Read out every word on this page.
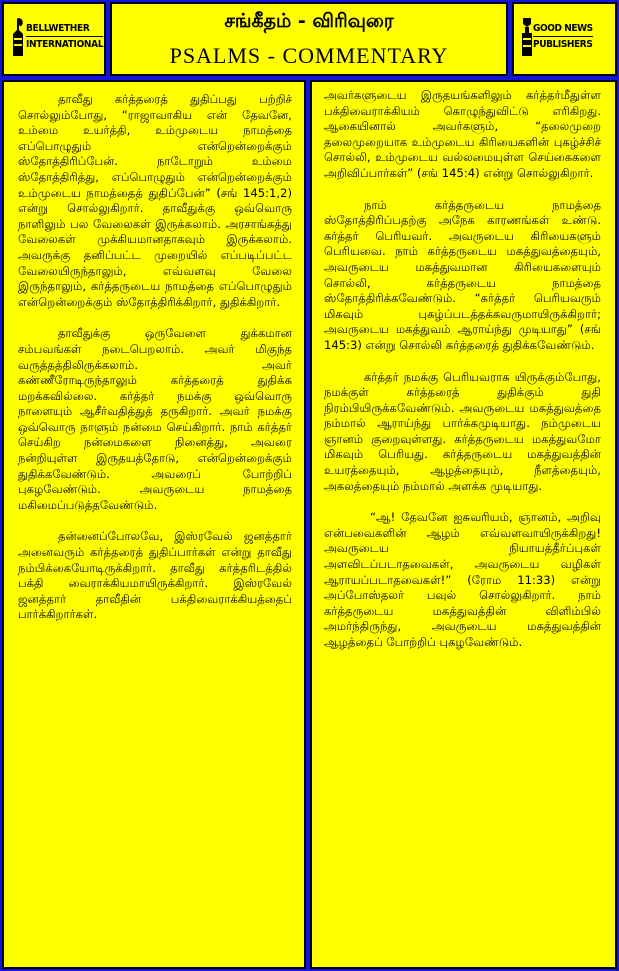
BELLWETHER
INTERNATIONAL
சங்கீதம் - விரிவுரை
PSALMS - COMMENTARY
GOOD NEWS
PUBLISHERS

தாவீது கர்த்தரைத் துதிப்பது பற்றிச் சொல்லும்போது, “ராஜாவாகிய என் தேவனே, உம்மை உயர்த்தி, உம்முடைய நாமத்தை எப்பொழுதும் என்றென்றைக்கும் ஸ்தோத்திரிப்பேன். நாடோறும் உம்மை ஸ்தோத்திரித்து, எப்பொழுதும் என்றென்றைக்கும் உம்முடைய நாமத்தைத் துதிப்பேன்” (சங் 145:1,2) என்று சொல்லுகிறார். தாவீதுக்கு ஒவ்வொரு நாளிலும் பல வேலைகள் இருக்கலாம். அரசாங்கத்து வேலைகள் முக்கியமானதாகவும் இருக்கலாம். அவருக்கு தனிப்பட்ட முறையில் எப்படிப்பட்ட வேலையிருந்தாலும், எவ்வளவு வேலை இருந்தாலும், கர்த்தருடைய நாமத்தை எப்பொழுதும் என்றென்றைக்கும் ஸ்தோத்திரிக்கிறார், துதிக்கிறார்.

தாவீதுக்கு ஒருவேளை துக்கமான சம்பவங்கள் நடைபெறலாம். அவர் மிகுந்த வருத்தத்திலிருக்கலாம். அவர் கண்ணீரோடிருந்தாலும் கர்த்தரைத் துதிக்க மறக்கவில்லை. கர்த்தர் நமக்கு ஒவ்வொரு நாளையும் ஆசீர்வதித்துத் தருகிறார். அவர் நமக்கு ஒவ்வொரு நாளும் நன்மை செய்கிறார். நாம் கர்த்தர் செய்கிற நன்மைகளை நினைத்து, அவரை நன்றியுள்ள இருதயத்தோடு, என்றென்றைக்கும் துதிக்கவேண்டும். அவரைப் போற்றிப் புகழவேண்டும். அவருடைய நாமத்தை மகிமைப்படுத்தவேண்டும்.

தன்னைப்போலவே, இஸ்ரவேல் ஜனத்தார் அனைவரும் கர்த்தரைத் துதிப்பார்கள் என்று தாவீது நம்பிக்கையோடிருக்கிறார். தாவீது கர்த்தரிடத்தில் பக்தி வைராக்கியமாயிருக்கிறார். இஸ்ரவேல் ஜனத்தார் தாவீதின் பக்திவைராக்கியத்தைப் பார்க்கிறார்கள்.

அவர்களுடைய இருதயங்களிலும் கர்த்தர்மீதுள்ள பக்திவைராக்கியம் கொழுந்துவிட்டு எரிகிறது. ஆகையினால் அவர்களும், “தலைமுறை தலைமுறையாக உம்முடைய கிரியைகளின் புகழ்ச்சிச் சொல்லி, உம்முடைய வல்லமையுள்ள செய்கைகளை அறிவிப்பார்கள்” (சங் 145:4) என்று சொல்லுகிறார்.

நாம் கர்த்தருடைய நாமத்தை ஸ்தோத்திரிப்பதற்கு அநேக காரணங்கள் உண்டு. கர்த்தர் பெரியவர். அவருடைய கிரியைகளும் பெரியவை. நாம் கர்த்தருடைய மகத்துவத்தையும், அவருடைய மகத்துவமான கிரியைகளையும் சொல்லி, கர்த்தருடைய நாமத்தை ஸ்தோத்திரிக்கவேண்டும். “கர்த்தர் பெரியவரும் மிகவும் புகழ்ப்படத்தக்கவருமாயிருக்கிறார்; அவருடைய மகத்துவம் ஆராய்ந்து முடியாது” (சங் 145:3) என்று சொல்லி கர்த்தரைத் துதிக்கவேண்டும்.

கர்த்தர் நமக்கு பெரியவராக யிருக்கும்போது, நமக்குள் கர்த்தரைத் துதிக்கும் துதி நிரம்பியிருக்கவேண்டும். அவருடைய மகத்துவத்தை நம்மால் ஆராய்ந்து பார்க்கமுடியாது. நம்முடைய ஞானம் குறைவுள்ளது. கர்த்தருடைய மகத்துவமோ மிகவும் பெரியது. கர்த்தருடைய மகத்துவத்தின் உயரத்தையும், ஆழத்தையும், நீளத்தையும், அகலத்தையும் நம்மால் அளக்க முடியாது.

“ஆ! தேவனே ஐசுவரியம், ஞானம், அறிவு என்பவைகளின் ஆழம் எவ்வளவாயிருக்கிறது! அவருடைய நியாயத்தீர்ப்புகள் அளவிடப்படாதவைகள், அவருடைய வழிகள் ஆராயப்படாதவைகள்!” (ரோம 11:33) என்று அப்போஸ்தலர் பவுல் சொல்லுகிறார். நாம் கர்த்தருடைய மகத்துவத்தின் விளிம்பில் அமர்ந்திருந்து, அவருடைய மகத்துவத்தின் ஆழத்தைப் போற்றிப் புகழவேண்டும்.
